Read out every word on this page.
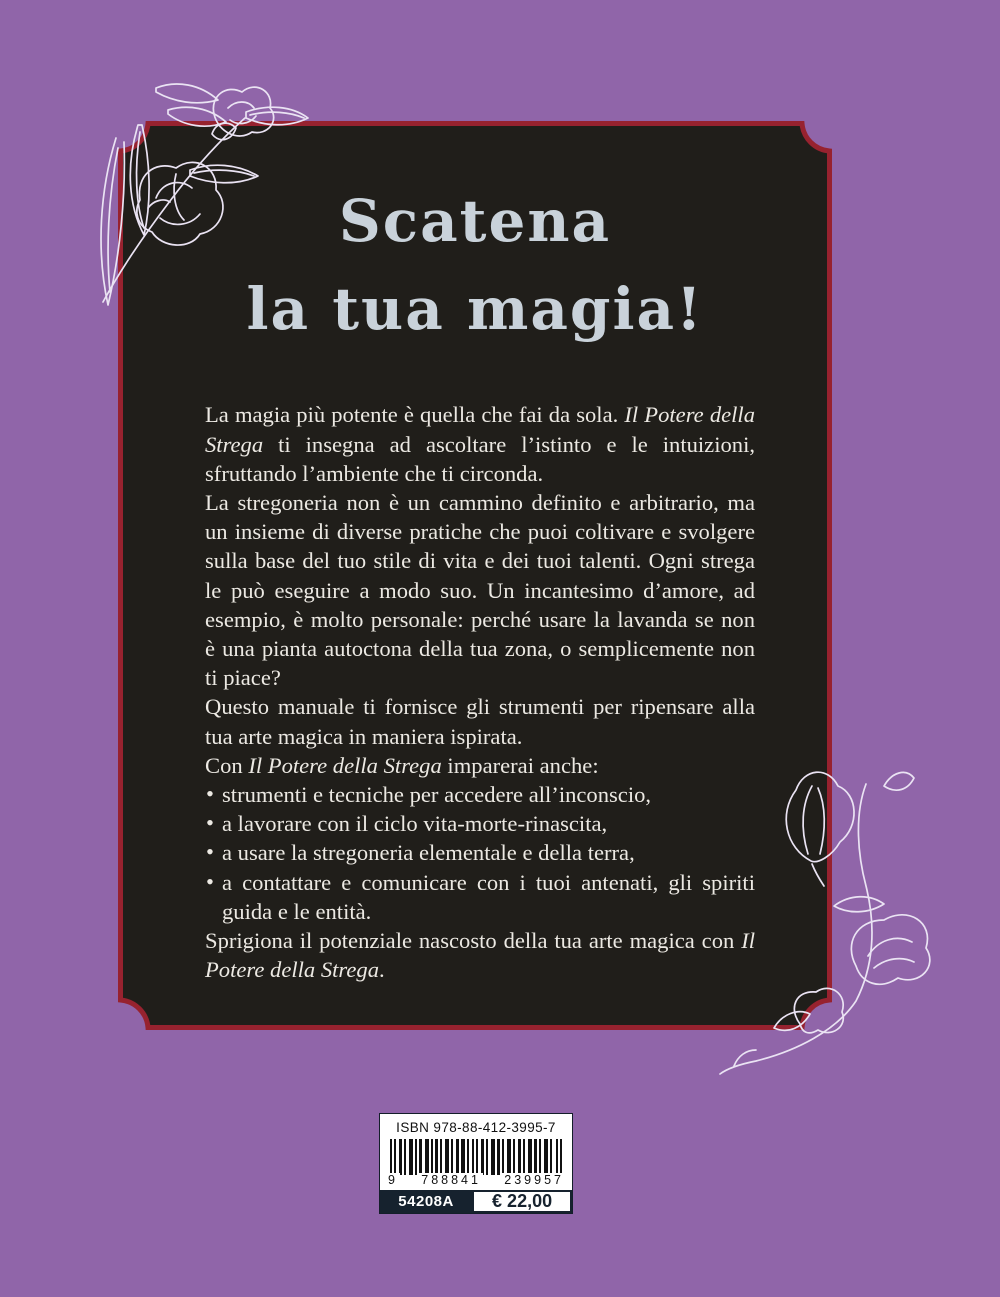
Scatena
la tua magia!

La magia più potente è quella che fai da sola. Il Potere della Strega ti insegna ad ascoltare l’istinto e le intuizioni, sfruttando l’ambiente che ti circonda.

La stregoneria non è un cammino definito e arbitrario, ma un insieme di diverse pratiche che puoi coltivare e svolgere sulla base del tuo stile di vita e dei tuoi talenti. Ogni strega le può eseguire a modo suo. Un incantesimo d’amore, ad esempio, è molto personale: perché usare la lavanda se non è una pianta autoctona della tua zona, o semplicemente non ti piace?

Questo manuale ti fornisce gli strumenti per ripensare alla tua arte magica in maniera ispirata.

Con Il Potere della Strega imparerai anche:

• strumenti e tecniche per accedere all’inconscio,
• a lavorare con il ciclo vita-morte-rinascita,
• a usare la stregoneria elementale e della terra,
• a contattare e comunicare con i tuoi antenati, gli spiriti guida e le entità.

Sprigiona il potenziale nascosto della tua arte magica con Il Potere della Strega.

ISBN 978-88-412-3995-7
9 788841 239957
54208A	€ 22,00
